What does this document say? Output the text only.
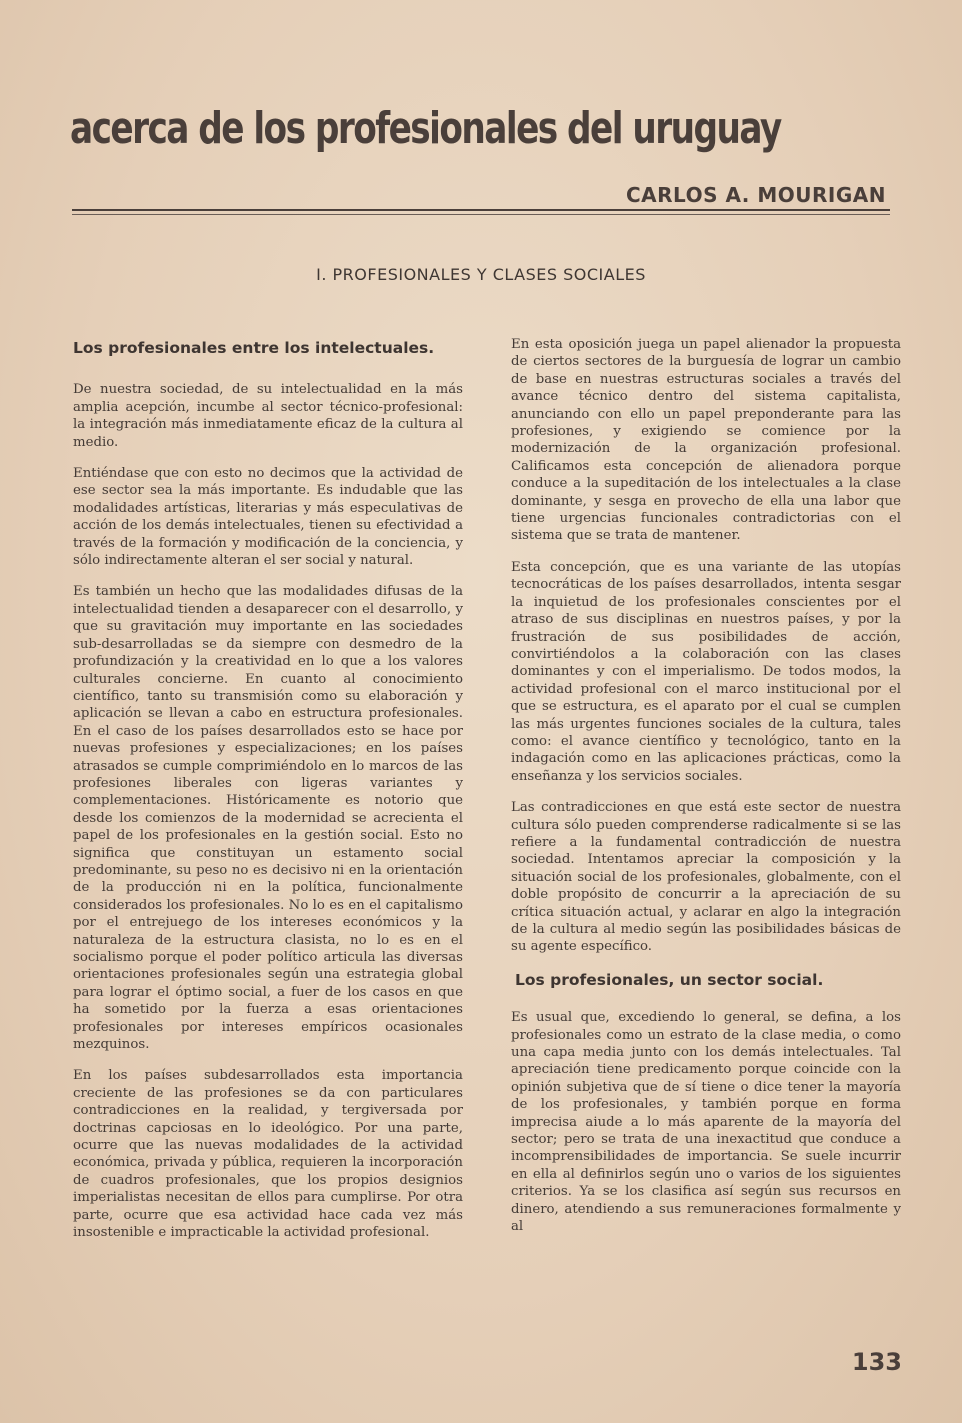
acerca de los profesionales del uruguay
CARLOS A. MOURIGAN
I. PROFESIONALES Y CLASES SOCIALES
Los profesionales entre los intelectuales.

De nuestra sociedad, de su intelectualidad en la más amplia acepción, incumbe al sector técnico-profesional: la integración más inmediatamente eficaz de la cultura al medio.

Entiéndase que con esto no decimos que la actividad de ese sector sea la más importante. Es indudable que las modalidades artísticas, literarias y más especulativas de acción de los demás intelectuales, tienen su efectividad a través de la formación y modificación de la conciencia, y sólo indirectamente alteran el ser social y natural.

Es también un hecho que las modalidades difusas de la intelectualidad tienden a desaparecer con el desarrollo, y que su gravitación muy importante en las sociedades sub-desarrolladas se da siempre con desmedro de la profundización y la creatividad en lo que a los valores culturales concierne. En cuanto al conocimiento científico, tanto su transmisión como su elaboración y aplicación se llevan a cabo en estructura profesionales. En el caso de los países desarrollados esto se hace por nuevas profesiones y especializaciones; en los países atrasados se cumple comprimiéndolo en lo marcos de las profesiones liberales con ligeras variantes y complementaciones. Históricamente es notorio que desde los comienzos de la modernidad se acrecienta el papel de los profesionales en la gestión social. Esto no significa que constituyan un estamento social predominante, su peso no es decisivo ni en la orientación de la producción ni en la política, funcionalmente considerados los profesionales. No lo es en el capitalismo por el entrejuego de los intereses económicos y la naturaleza de la estructura clasista, no lo es en el socialismo porque el poder político articula las diversas orientaciones profesionales según una estrategia global para lograr el óptimo social, a fuer de los casos en que ha sometido por la fuerza a esas orientaciones profesionales por intereses empíricos ocasionales mezquinos.

En los países subdesarrollados esta importancia creciente de las profesiones se da con particulares contradicciones en la realidad, y tergiversada por doctrinas capciosas en lo ideológico. Por una parte, ocurre que las nuevas modalidades de la actividad económica, privada y pública, requieren la incorporación de cuadros profesionales, que los propios designios imperialistas necesitan de ellos para cumplirse. Por otra parte, ocurre que esa actividad hace cada vez más insostenible e impracticable la actividad profesional.

En esta oposición juega un papel alienador la propuesta de ciertos sectores de la burguesía de lograr un cambio de base en nuestras estructuras sociales a través del avance técnico dentro del sistema capitalista, anunciando con ello un papel preponderante para las profesiones, y exigiendo se comience por la modernización de la organización profesional. Calificamos esta concepción de alienadora porque conduce a la supeditación de los intelectuales a la clase dominante, y sesga en provecho de ella una labor que tiene urgencias funcionales contradictorias con el sistema que se trata de mantener.

Esta concepción, que es una variante de las utopías tecnocráticas de los países desarrollados, intenta sesgar la inquietud de los profesionales conscientes por el atraso de sus disciplinas en nuestros países, y por la frustración de sus posibilidades de acción, convirtiéndolos a la colaboración con las clases dominantes y con el imperialismo. De todos modos, la actividad profesional con el marco institucional por el que se estructura, es el aparato por el cual se cumplen las más urgentes funciones sociales de la cultura, tales como: el avance científico y tecnológico, tanto en la indagación como en las aplicaciones prácticas, como la enseñanza y los servicios sociales.

Las contradicciones en que está este sector de nuestra cultura sólo pueden comprenderse radicalmente si se las refiere a la fundamental contradicción de nuestra sociedad. Intentamos apreciar la composición y la situación social de los profesionales, globalmente, con el doble propósito de concurrir a la apreciación de su crítica situación actual, y aclarar en algo la integración de la cultura al medio según las posibilidades básicas de su agente específico.

Los profesionales, un sector social.

Es usual que, excediendo lo general, se defina, a los profesionales como un estrato de la clase media, o como una capa media junto con los demás intelectuales. Tal apreciación tiene predicamento porque coincide con la opinión subjetiva que de sí tiene o dice tener la mayoría de los profesionales, y también porque en forma imprecisa aiude a lo más aparente de la mayoría del sector; pero se trata de una inexactitud que conduce a incomprensibilidades de importancia. Se suele incurrir en ella al definirlos según uno o varios de los siguientes criterios. Ya se los clasifica así según sus recursos en dinero, atendiendo a sus remuneraciones formalmente y al

133
